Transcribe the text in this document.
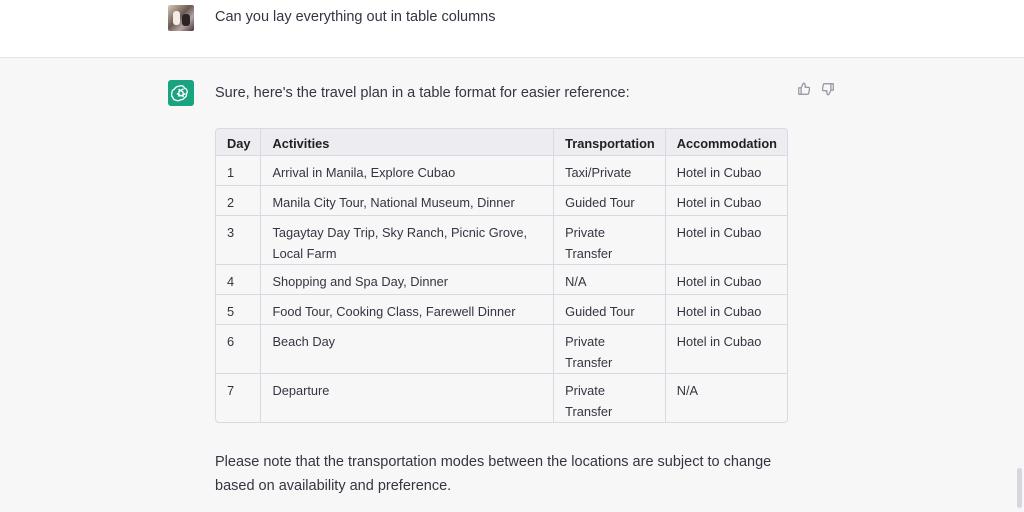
Can you lay everything out in table columns
Sure, here's the travel plan in a table format for easier reference:
Day	Activities	Transportation	Accommodation
1	Arrival in Manila, Explore Cubao	Taxi/Private	Hotel in Cubao
2	Manila City Tour, National Museum, Dinner	Guided Tour	Hotel in Cubao
3	Tagaytay Day Trip, Sky Ranch, Picnic Grove, Local Farm	Private Transfer	Hotel in Cubao
4	Shopping and Spa Day, Dinner	N/A	Hotel in Cubao
5	Food Tour, Cooking Class, Farewell Dinner	Guided Tour	Hotel in Cubao
6	Beach Day	Private Transfer	Hotel in Cubao
7	Departure	Private Transfer	N/A
Please note that the transportation modes between the locations are subject to change based on availability and preference.
